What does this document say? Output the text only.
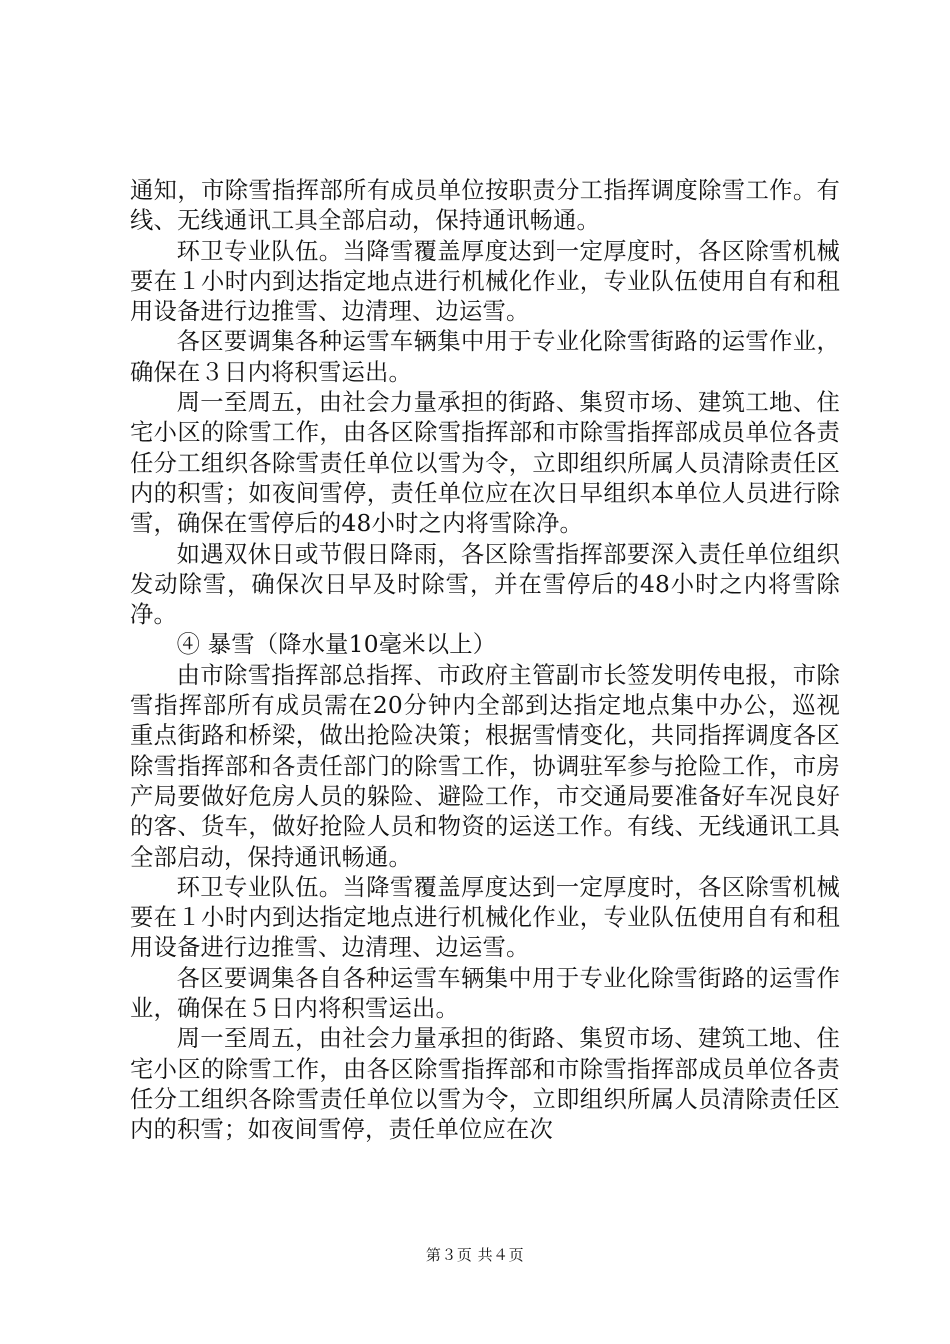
通知，市除雪指挥部所有成员单位按职责分工指挥调度除雪工作。有线、无线通讯工具全部启动，保持通讯畅通。

环卫专业队伍。当降雪覆盖厚度达到一定厚度时，各区除雪机械要在１小时内到达指定地点进行机械化作业，专业队伍使用自有和租用设备进行边推雪、边清理、边运雪。

各区要调集各种运雪车辆集中用于专业化除雪街路的运雪作业，确保在３日内将积雪运出。

周一至周五，由社会力量承担的街路、集贸市场、建筑工地、住宅小区的除雪工作，由各区除雪指挥部和市除雪指挥部成员单位各责任分工组织各除雪责任单位以雪为令，立即组织所属人员清除责任区内的积雪；如夜间雪停，责任单位应在次日早组织本单位人员进行除雪，确保在雪停后的48小时之内将雪除净。

如遇双休日或节假日降雨，各区除雪指挥部要深入责任单位组织发动除雪，确保次日早及时除雪，并在雪停后的48小时之内将雪除净。

④ 暴雪（降水量10毫米以上）

由市除雪指挥部总指挥、市政府主管副市长签发明传电报，市除雪指挥部所有成员需在20分钟内全部到达指定地点集中办公，巡视重点街路和桥梁，做出抢险决策；根据雪情变化，共同指挥调度各区除雪指挥部和各责任部门的除雪工作，协调驻军参与抢险工作，市房产局要做好危房人员的躲险、避险工作，市交通局要准备好车况良好的客、货车，做好抢险人员和物资的运送工作。有线、无线通讯工具全部启动，保持通讯畅通。

环卫专业队伍。当降雪覆盖厚度达到一定厚度时，各区除雪机械要在１小时内到达指定地点进行机械化作业，专业队伍使用自有和租用设备进行边推雪、边清理、边运雪。

各区要调集各自各种运雪车辆集中用于专业化除雪街路的运雪作业，确保在５日内将积雪运出。

周一至周五，由社会力量承担的街路、集贸市场、建筑工地、住宅小区的除雪工作，由各区除雪指挥部和市除雪指挥部成员单位各责任分工组织各除雪责任单位以雪为令，立即组织所属人员清除责任区内的积雪；如夜间雪停，责任单位应在次

第３页 共４页
